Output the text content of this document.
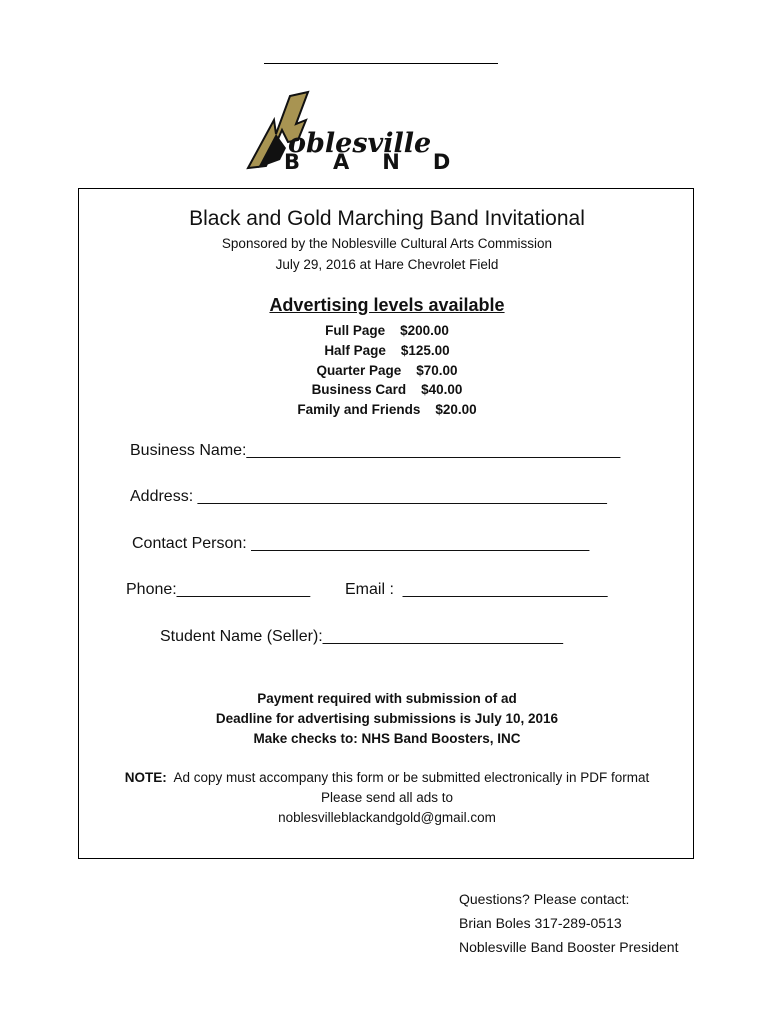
oblesville
BAND
Black and Gold Marching Band Invitational
Sponsored by the Noblesville Cultural Arts Commission
July 29, 2016 at Hare Chevrolet Field
Advertising levels available
Full Page $200.00
Half Page $125.00
Quarter Page $70.00
Business Card $40.00
Family and Friends $20.00
Business Name:__________________________________________
Address: ______________________________________________
Contact Person: ______________________________________
Phone:_______________ Email : _______________________
Student Name (Seller):___________________________
Payment required with submission of ad
Deadline for advertising submissions is July 10, 2016
Make checks to: NHS Band Boosters, INC
NOTE: Ad copy must accompany this form or be submitted electronically in PDF format
Please send all ads to
noblesvilleblackandgold@gmail.com
Questions? Please contact:
Brian Boles 317-289-0513
Noblesville Band Booster President
